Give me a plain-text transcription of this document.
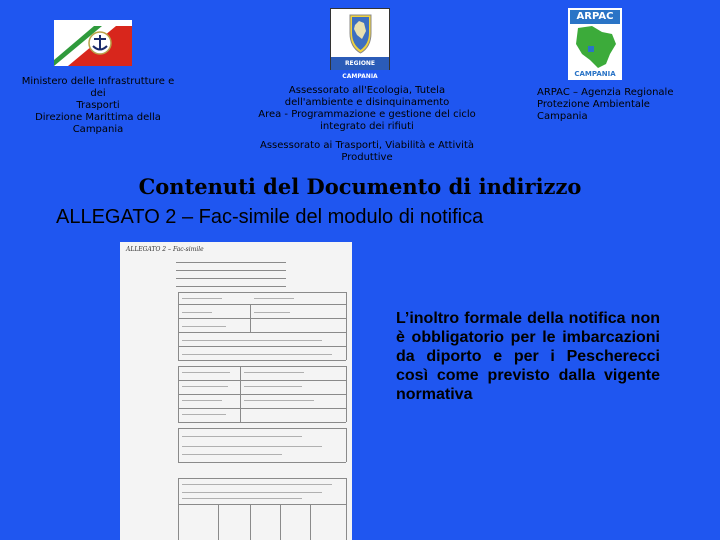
Ministero delle Infrastrutture e dei
Trasporti
Direzione Marittima della
Campania
REGIONE CAMPANIA
Assessorato all'Ecologia, Tutela
dell'ambiente e disinquinamento
Area - Programmazione e gestione del ciclo
integrato dei rifiuti
ARPAC
CAMPANIA
ARPAC – Agenzia Regionale
Protezione Ambientale
Campania
Assessorato ai Trasporti, Viabilità e Attività
Produttive
Contenuti del Documento di indirizzo
ALLEGATO 2 – Fac-simile del modulo di notifica
ALLEGATO 2 – Fac-simile
L’inoltro formale della notifica non è obbligatorio per le imbarcazioni da diporto e per i Pescherecci così come previsto dalla vigente normativa
